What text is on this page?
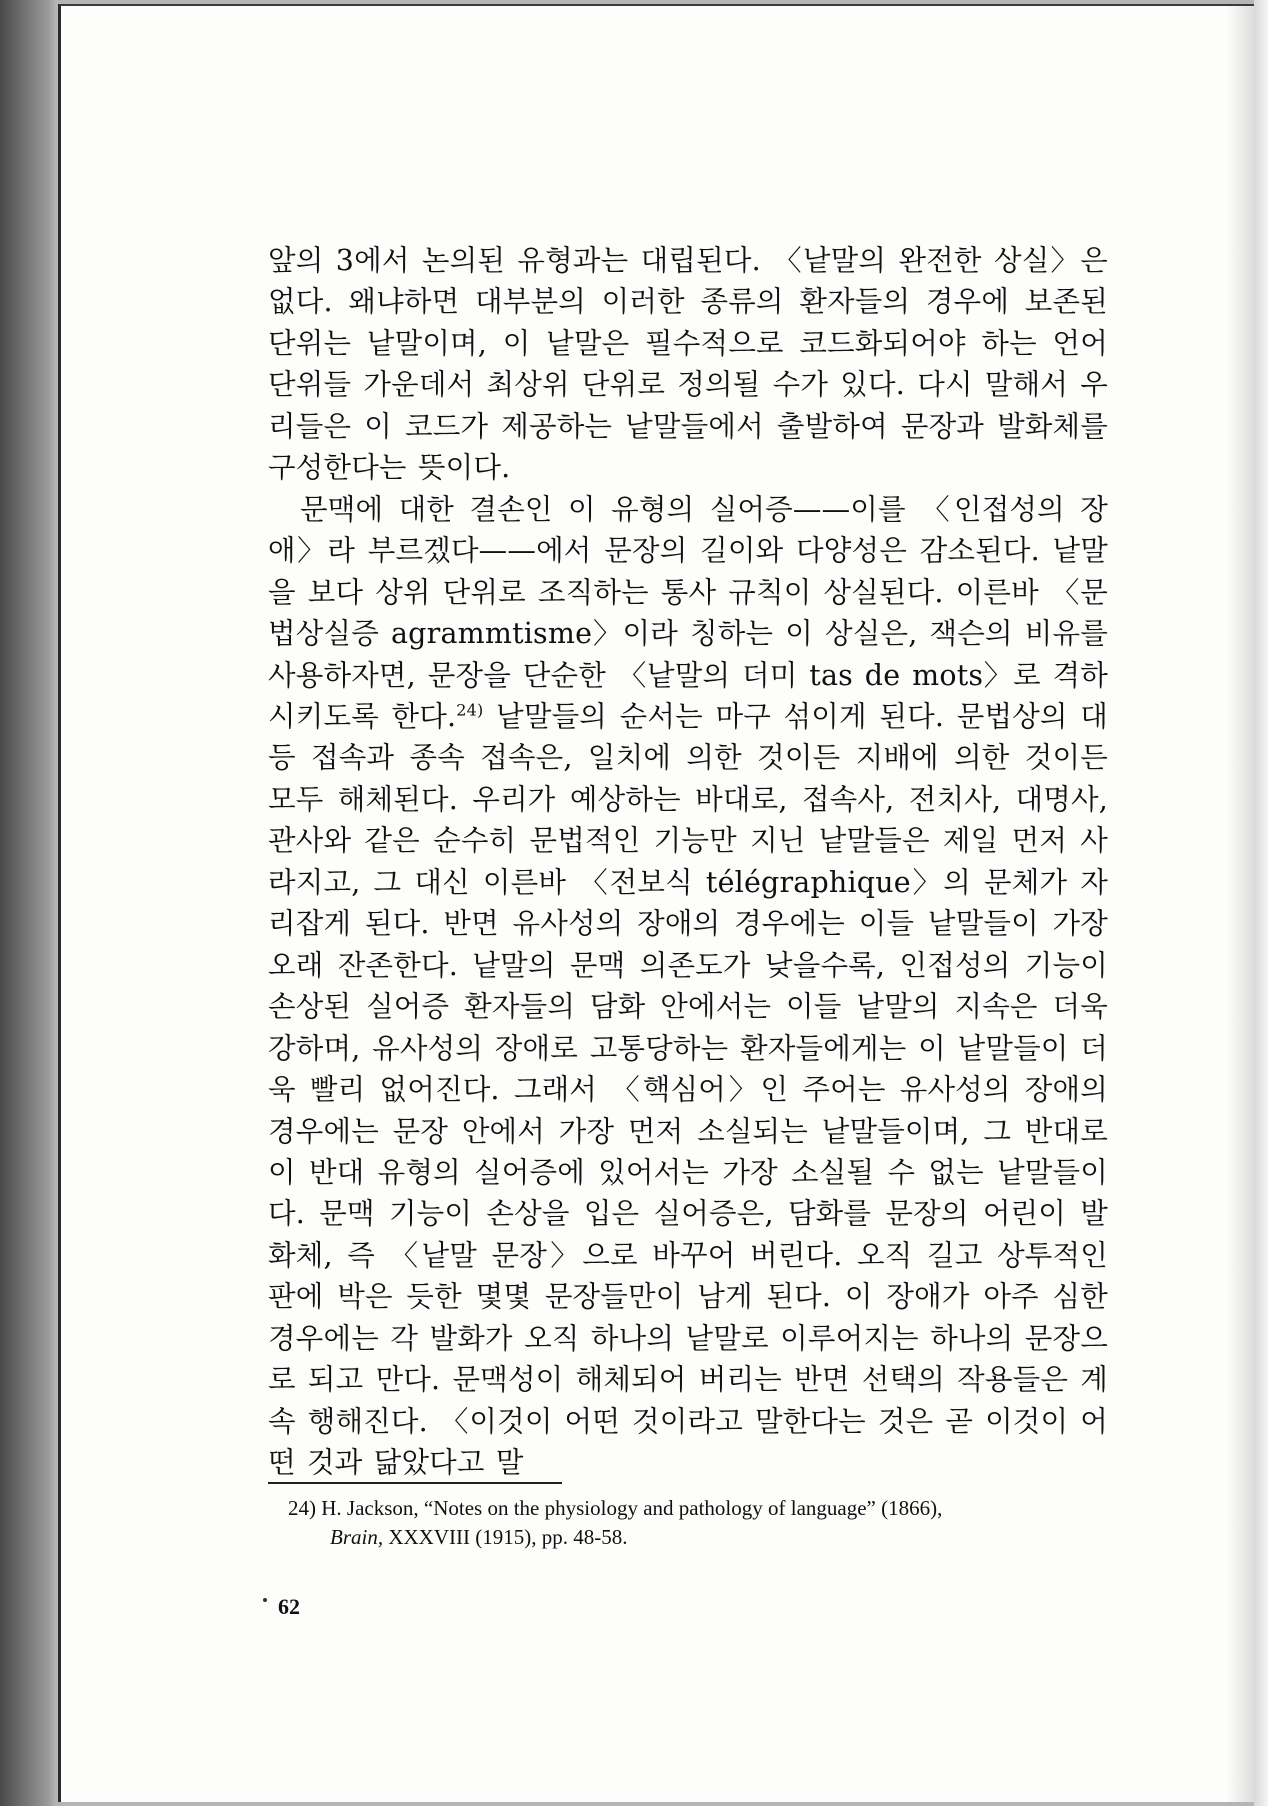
앞의 3에서 논의된 유형과는 대립된다. 〈낱말의 완전한 상실〉은 없다. 왜냐하면 대부분의 이러한 종류의 환자들의 경우에 보존된 단위는 낱말이며, 이 낱말은 필수적으로 코드화되어야 하는 언어 단위들 가운데서 최상위 단위로 정의될 수가 있다. 다시 말해서 우리들은 이 코드가 제공하는 낱말들에서 출발하여 문장과 발화체를 구성한다는 뜻이다.

문맥에 대한 결손인 이 유형의 실어증——이를 〈인접성의 장애〉라 부르겠다——에서 문장의 길이와 다양성은 감소된다. 낱말을 보다 상위 단위로 조직하는 통사 규칙이 상실된다. 이른바 〈문법상실증 agrammtisme〉이라 칭하는 이 상실은, 잭슨의 비유를 사용하자면, 문장을 단순한 〈낱말의 더미 tas de mots〉로 격하시키도록 한다.$^{24)}$ 낱말들의 순서는 마구 섞이게 된다. 문법상의 대등 접속과 종속 접속은, 일치에 의한 것이든 지배에 의한 것이든 모두 해체된다. 우리가 예상하는 바대로, 접속사, 전치사, 대명사, 관사와 같은 순수히 문법적인 기능만 지닌 낱말들은 제일 먼저 사라지고, 그 대신 이른바 〈전보식 télégraphique〉의 문체가 자리잡게 된다. 반면 유사성의 장애의 경우에는 이들 낱말들이 가장 오래 잔존한다. 낱말의 문맥 의존도가 낮을수록, 인접성의 기능이 손상된 실어증 환자들의 담화 안에서는 이들 낱말의 지속은 더욱 강하며, 유사성의 장애로 고통당하는 환자들에게는 이 낱말들이 더욱 빨리 없어진다. 그래서 〈핵심어〉인 주어는 유사성의 장애의 경우에는 문장 안에서 가장 먼저 소실되는 낱말들이며, 그 반대로 이 반대 유형의 실어증에 있어서는 가장 소실될 수 없는 낱말들이다. 문맥 기능이 손상을 입은 실어증은, 담화를 문장의 어린이 발화체, 즉 〈낱말 문장〉으로 바꾸어 버린다. 오직 길고 상투적인 판에 박은 듯한 몇몇 문장들만이 남게 된다. 이 장애가 아주 심한 경우에는 각 발화가 오직 하나의 낱말로 이루어지는 하나의 문장으로 되고 만다. 문맥성이 해체되어 버리는 반면 선택의 작용들은 계속 행해진다. 〈이것이 어떤 것이라고 말한다는 것은 곧 이것이 어떤 것과 닮았다고 말

24) H. Jackson, “Notes on the physiology and pathology of language” (1866),
Brain, XXXVIII (1915), pp. 48-58.
62
